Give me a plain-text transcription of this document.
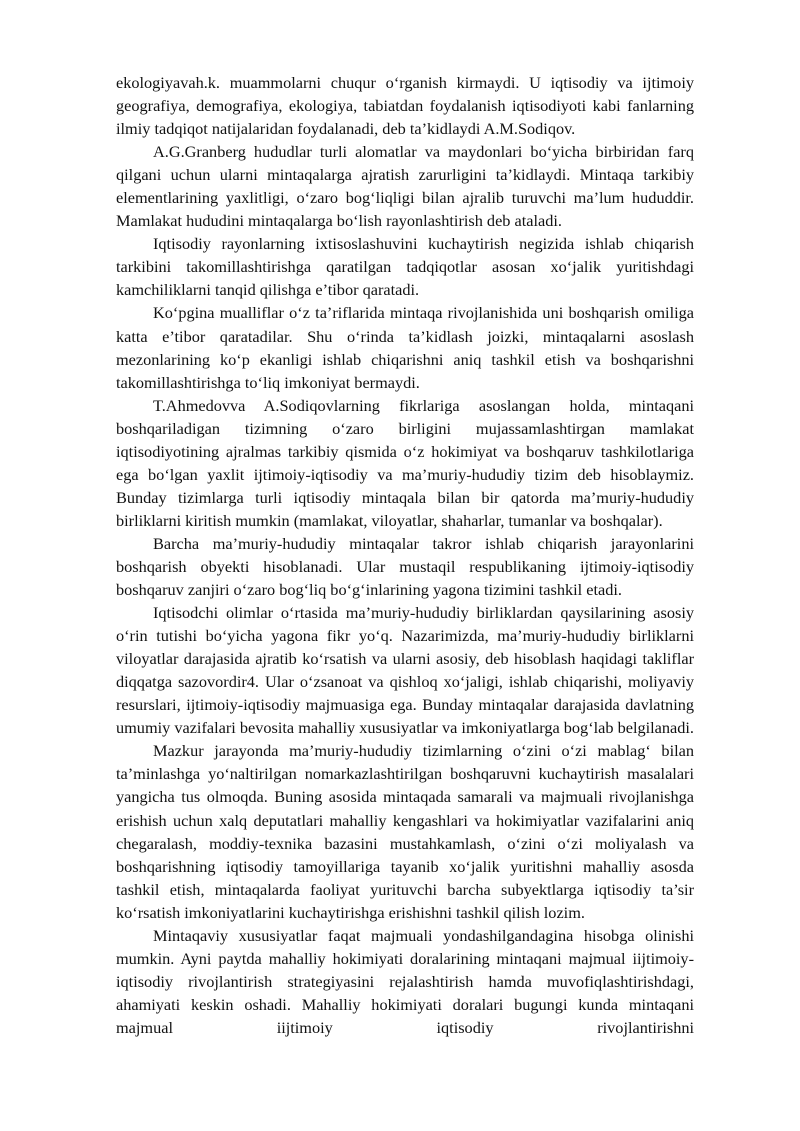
ekologiyavah.k. muammolarni chuqur o‘rganish kirmaydi. U iqtisodiy va ijtimoiy geografiya, demografiya, ekologiya, tabiatdan foydalanish iqtisodiyoti kabi fanlarning ilmiy tadqiqot natijalaridan foydalanadi, deb ta’kidlaydi A.M.Sodiqov.

A.G.Granberg hududlar turli alomatlar va maydonlari bo‘yicha birbiridan farq qilgani uchun ularni mintaqalarga ajratish zarurligini ta’kidlaydi. Mintaqa tarkibiy elementlarining yaxlitligi, o‘zaro bog‘liqligi bilan ajralib turuvchi ma’lum hududdir. Mamlakat hududini mintaqalarga bo‘lish rayonlashtirish deb ataladi.

Iqtisodiy rayonlarning ixtisoslashuvini kuchaytirish negizida ishlab chiqarish tarkibini takomillashtirishga qaratilgan tadqiqotlar asosan xo‘jalik yuritishdagi kamchiliklarni tanqid qilishga e’tibor qaratadi.

Ko‘pgina mualliflar o‘z ta’riflarida mintaqa rivojlanishida uni boshqarish omiliga katta e’tibor qaratadilar. Shu o‘rinda ta’kidlash joizki, mintaqalarni asoslash mezonlarining ko‘p ekanligi ishlab chiqarishni aniq tashkil etish va boshqarishni takomillashtirishga to‘liq imkoniyat bermaydi.

T.Ahmedovva A.Sodiqovlarning fikrlariga asoslangan holda, mintaqani boshqariladigan tizimning o‘zaro birligini mujassamlashtirgan mamlakat iqtisodiyotining ajralmas tarkibiy qismida o‘z hokimiyat va boshqaruv tashkilotlariga ega bo‘lgan yaxlit ijtimoiy-iqtisodiy va ma’muriy-hududiy tizim deb hisoblaymiz. Bunday tizimlarga turli iqtisodiy mintaqala bilan bir qatorda ma’muriy-hududiy birliklarni kiritish mumkin (mamlakat, viloyatlar, shaharlar, tumanlar va boshqalar).

Barcha ma’muriy-hududiy mintaqalar takror ishlab chiqarish jarayonlarini boshqarish obyekti hisoblanadi. Ular mustaqil respublikaning ijtimoiy-iqtisodiy boshqaruv zanjiri o‘zaro bog‘liq bo‘g‘inlarining yagona tizimini tashkil etadi.

Iqtisodchi olimlar o‘rtasida ma’muriy-hududiy birliklardan qaysilarining asosiy o‘rin tutishi bo‘yicha yagona fikr yo‘q. Nazarimizda, ma’muriy-hududiy birliklarni viloyatlar darajasida ajratib ko‘rsatish va ularni asosiy, deb hisoblash haqidagi takliflar diqqatga sazovordir4. Ular o‘zsanoat va qishloq xo‘jaligi, ishlab chiqarishi, moliyaviy resurslari, ijtimoiy-iqtisodiy majmuasiga ega. Bunday mintaqalar darajasida davlatning umumiy vazifalari bevosita mahalliy xususiyatlar va imkoniyatlarga bog‘lab belgilanadi.

Mazkur jarayonda ma’muriy-hududiy tizimlarning o‘zini o‘zi mablag‘ bilan ta’minlashga yo‘naltirilgan nomarkazlashtirilgan boshqaruvni kuchaytirish masalalari yangicha tus olmoqda. Buning asosida mintaqada samarali va majmuali rivojlanishga erishish uchun xalq deputatlari mahalliy kengashlari va hokimiyatlar vazifalarini aniq chegaralash, moddiy-texnika bazasini mustahkamlash, o‘zini o‘zi moliyalash va boshqarishning iqtisodiy tamoyillariga tayanib xo‘jalik yuritishni mahalliy asosda tashkil etish, mintaqalarda faoliyat yurituvchi barcha subyektlarga iqtisodiy ta’sir ko‘rsatish imkoniyatlarini kuchaytirishga erishishni tashkil qilish lozim.

Mintaqaviy xususiyatlar faqat majmuali yondashilgandagina hisobga olinishi mumkin. Ayni paytda mahalliy hokimiyati doralarining mintaqani majmual iijtimoiy-iqtisodiy rivojlantirish strategiyasini rejalashtirish hamda muvofiqlashtirishdagi, ahamiyati keskin oshadi. Mahalliy hokimiyati doralari bugungi kunda mintaqani majmual iijtimoiy iqtisodiy rivojlantirishni
